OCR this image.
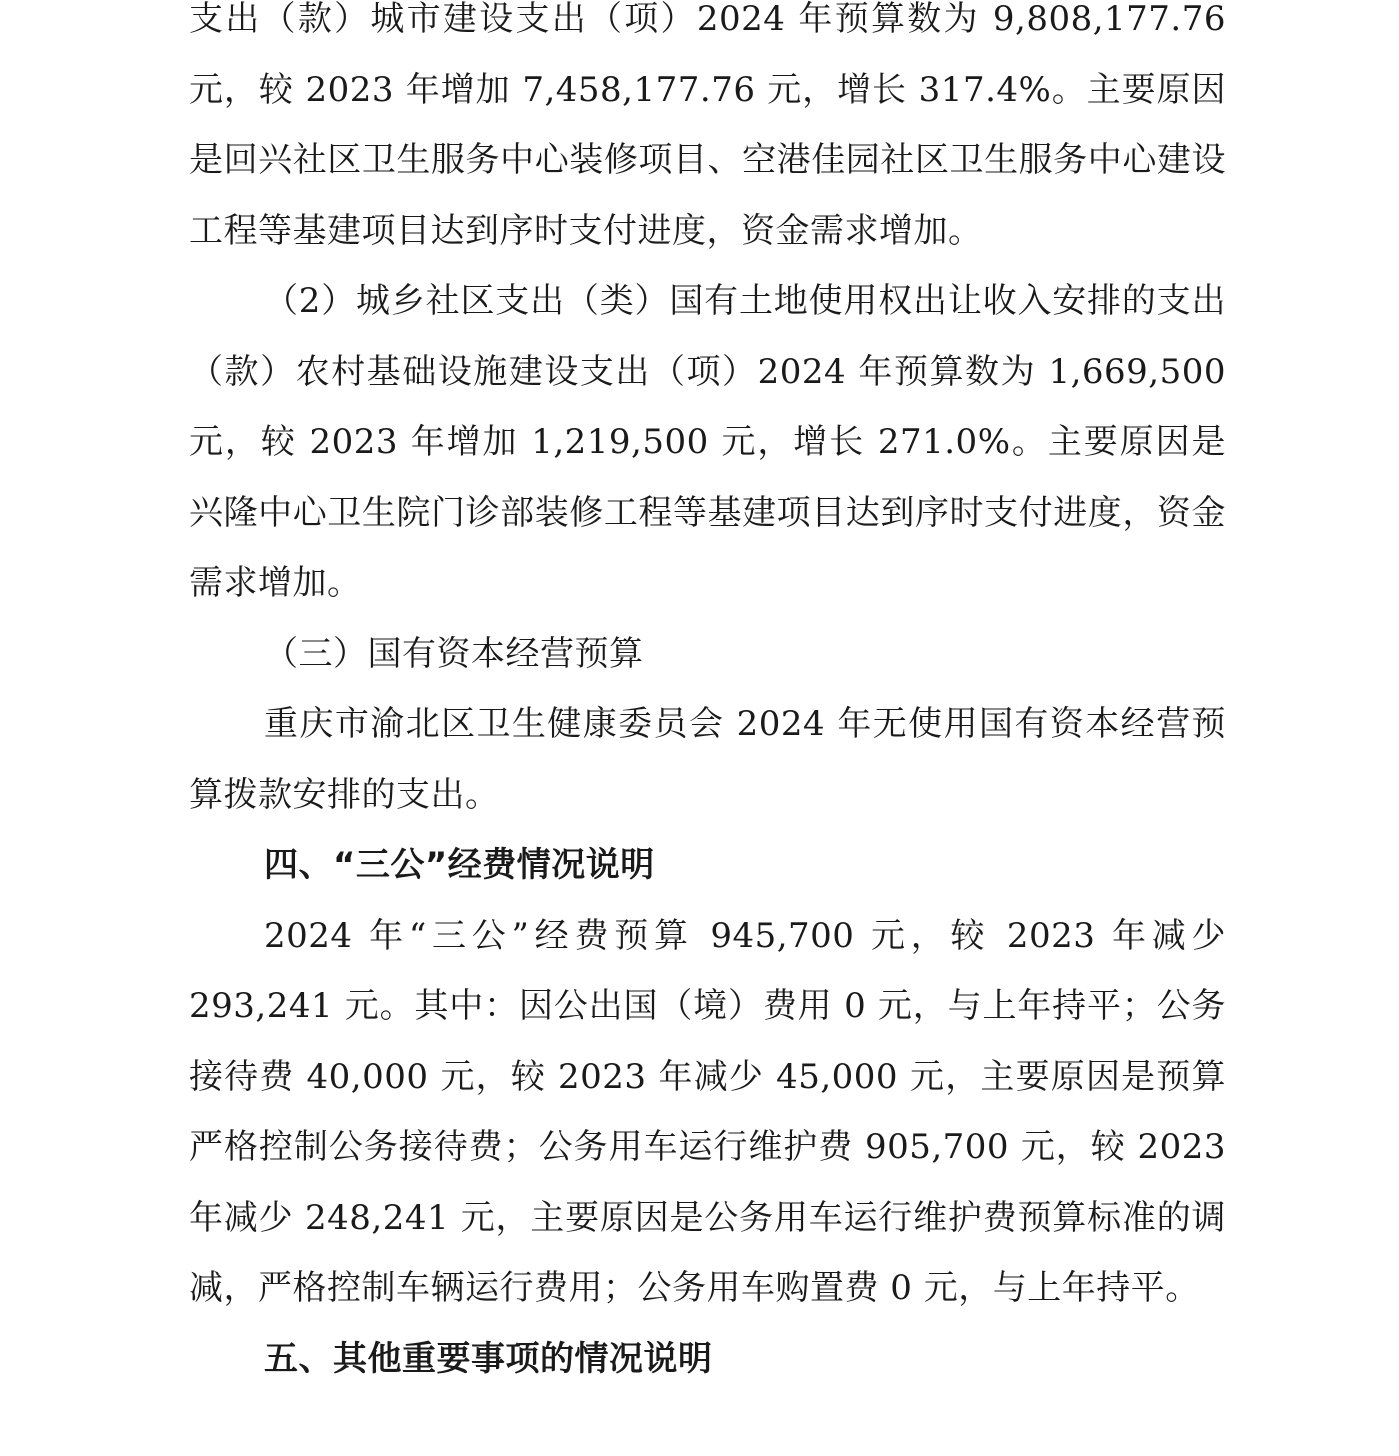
支出（款）城市建设支出（项）2024 年预算数为 9,808,177.76 元，较 2023 年增加 7,458,177.76 元，增长 317.4%。主要原因是回兴社区卫生服务中心装修项目、空港佳园社区卫生服务中心建设工程等基建项目达到序时支付进度，资金需求增加。

（2）城乡社区支出（类）国有土地使用权出让收入安排的支出（款）农村基础设施建设支出（项）2024 年预算数为 1,669,500 元，较 2023 年增加 1,219,500 元，增长 271.0%。主要原因是兴隆中心卫生院门诊部装修工程等基建项目达到序时支付进度，资金需求增加。

（三）国有资本经营预算

重庆市渝北区卫生健康委员会 2024 年无使用国有资本经营预算拨款安排的支出。

四、“三公”经费情况说明

2024 年“三公”经费预算 945,700 元，较 2023 年减少 293,241 元。其中：因公出国（境）费用 0 元，与上年持平；公务接待费 40,000 元，较 2023 年减少 45,000 元，主要原因是预算严格控制公务接待费；公务用车运行维护费 905,700 元，较 2023 年减少 248,241 元，主要原因是公务用车运行维护费预算标准的调减，严格控制车辆运行费用；公务用车购置费 0 元，与上年持平。

五、其他重要事项的情况说明
